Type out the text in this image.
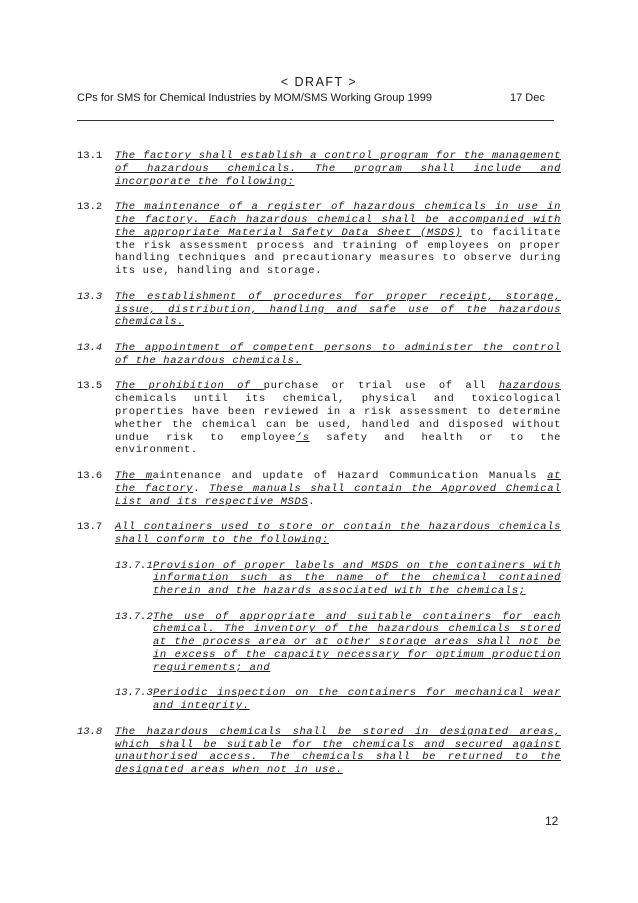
< DRAFT >
CPs for SMS for Chemical Industries by MOM/SMS Working Group 1999	17 Dec
13.1	The factory shall establish a control program for the management of hazardous chemicals. The program shall include and incorporate the following:
13.2	The maintenance of a register of hazardous chemicals in use in the factory. Each hazardous chemical shall be accompanied with the appropriate Material Safety Data Sheet (MSDS) to facilitate the risk assessment process and training of employees on proper handling techniques and precautionary measures to observe during its use, handling and storage.
13.3	The establishment of procedures for proper receipt, storage, issue, distribution, handling and safe use of the hazardous chemicals.
13.4	The appointment of competent persons to administer the control of the hazardous chemicals.
13.5	The prohibition of purchase or trial use of all hazardous chemicals until its chemical, physical and toxicological properties have been reviewed in a risk assessment to determine whether the chemical can be used, handled and disposed without undue risk to employee’s safety and health or to the environment.
13.6	The maintenance and update of Hazard Communication Manuals at the factory. These manuals shall contain the Approved Chemical List and its respective MSDS.
13.7	All containers used to store or contain the hazardous chemicals shall conform to the following:
13.7.1 Provision of proper labels and MSDS on the containers with information such as the name of the chemical contained therein and the hazards associated with the chemicals;
13.7.2 The use of appropriate and suitable containers for each chemical. The inventory of the hazardous chemicals stored at the process area or at other storage areas shall not be in excess of the capacity necessary for optimum production requirements; and
13.7.3 Periodic inspection on the containers for mechanical wear and integrity.
13.8	The hazardous chemicals shall be stored in designated areas, which shall be suitable for the chemicals and secured against unauthorised access. The chemicals shall be returned to the designated areas when not in use.
12
